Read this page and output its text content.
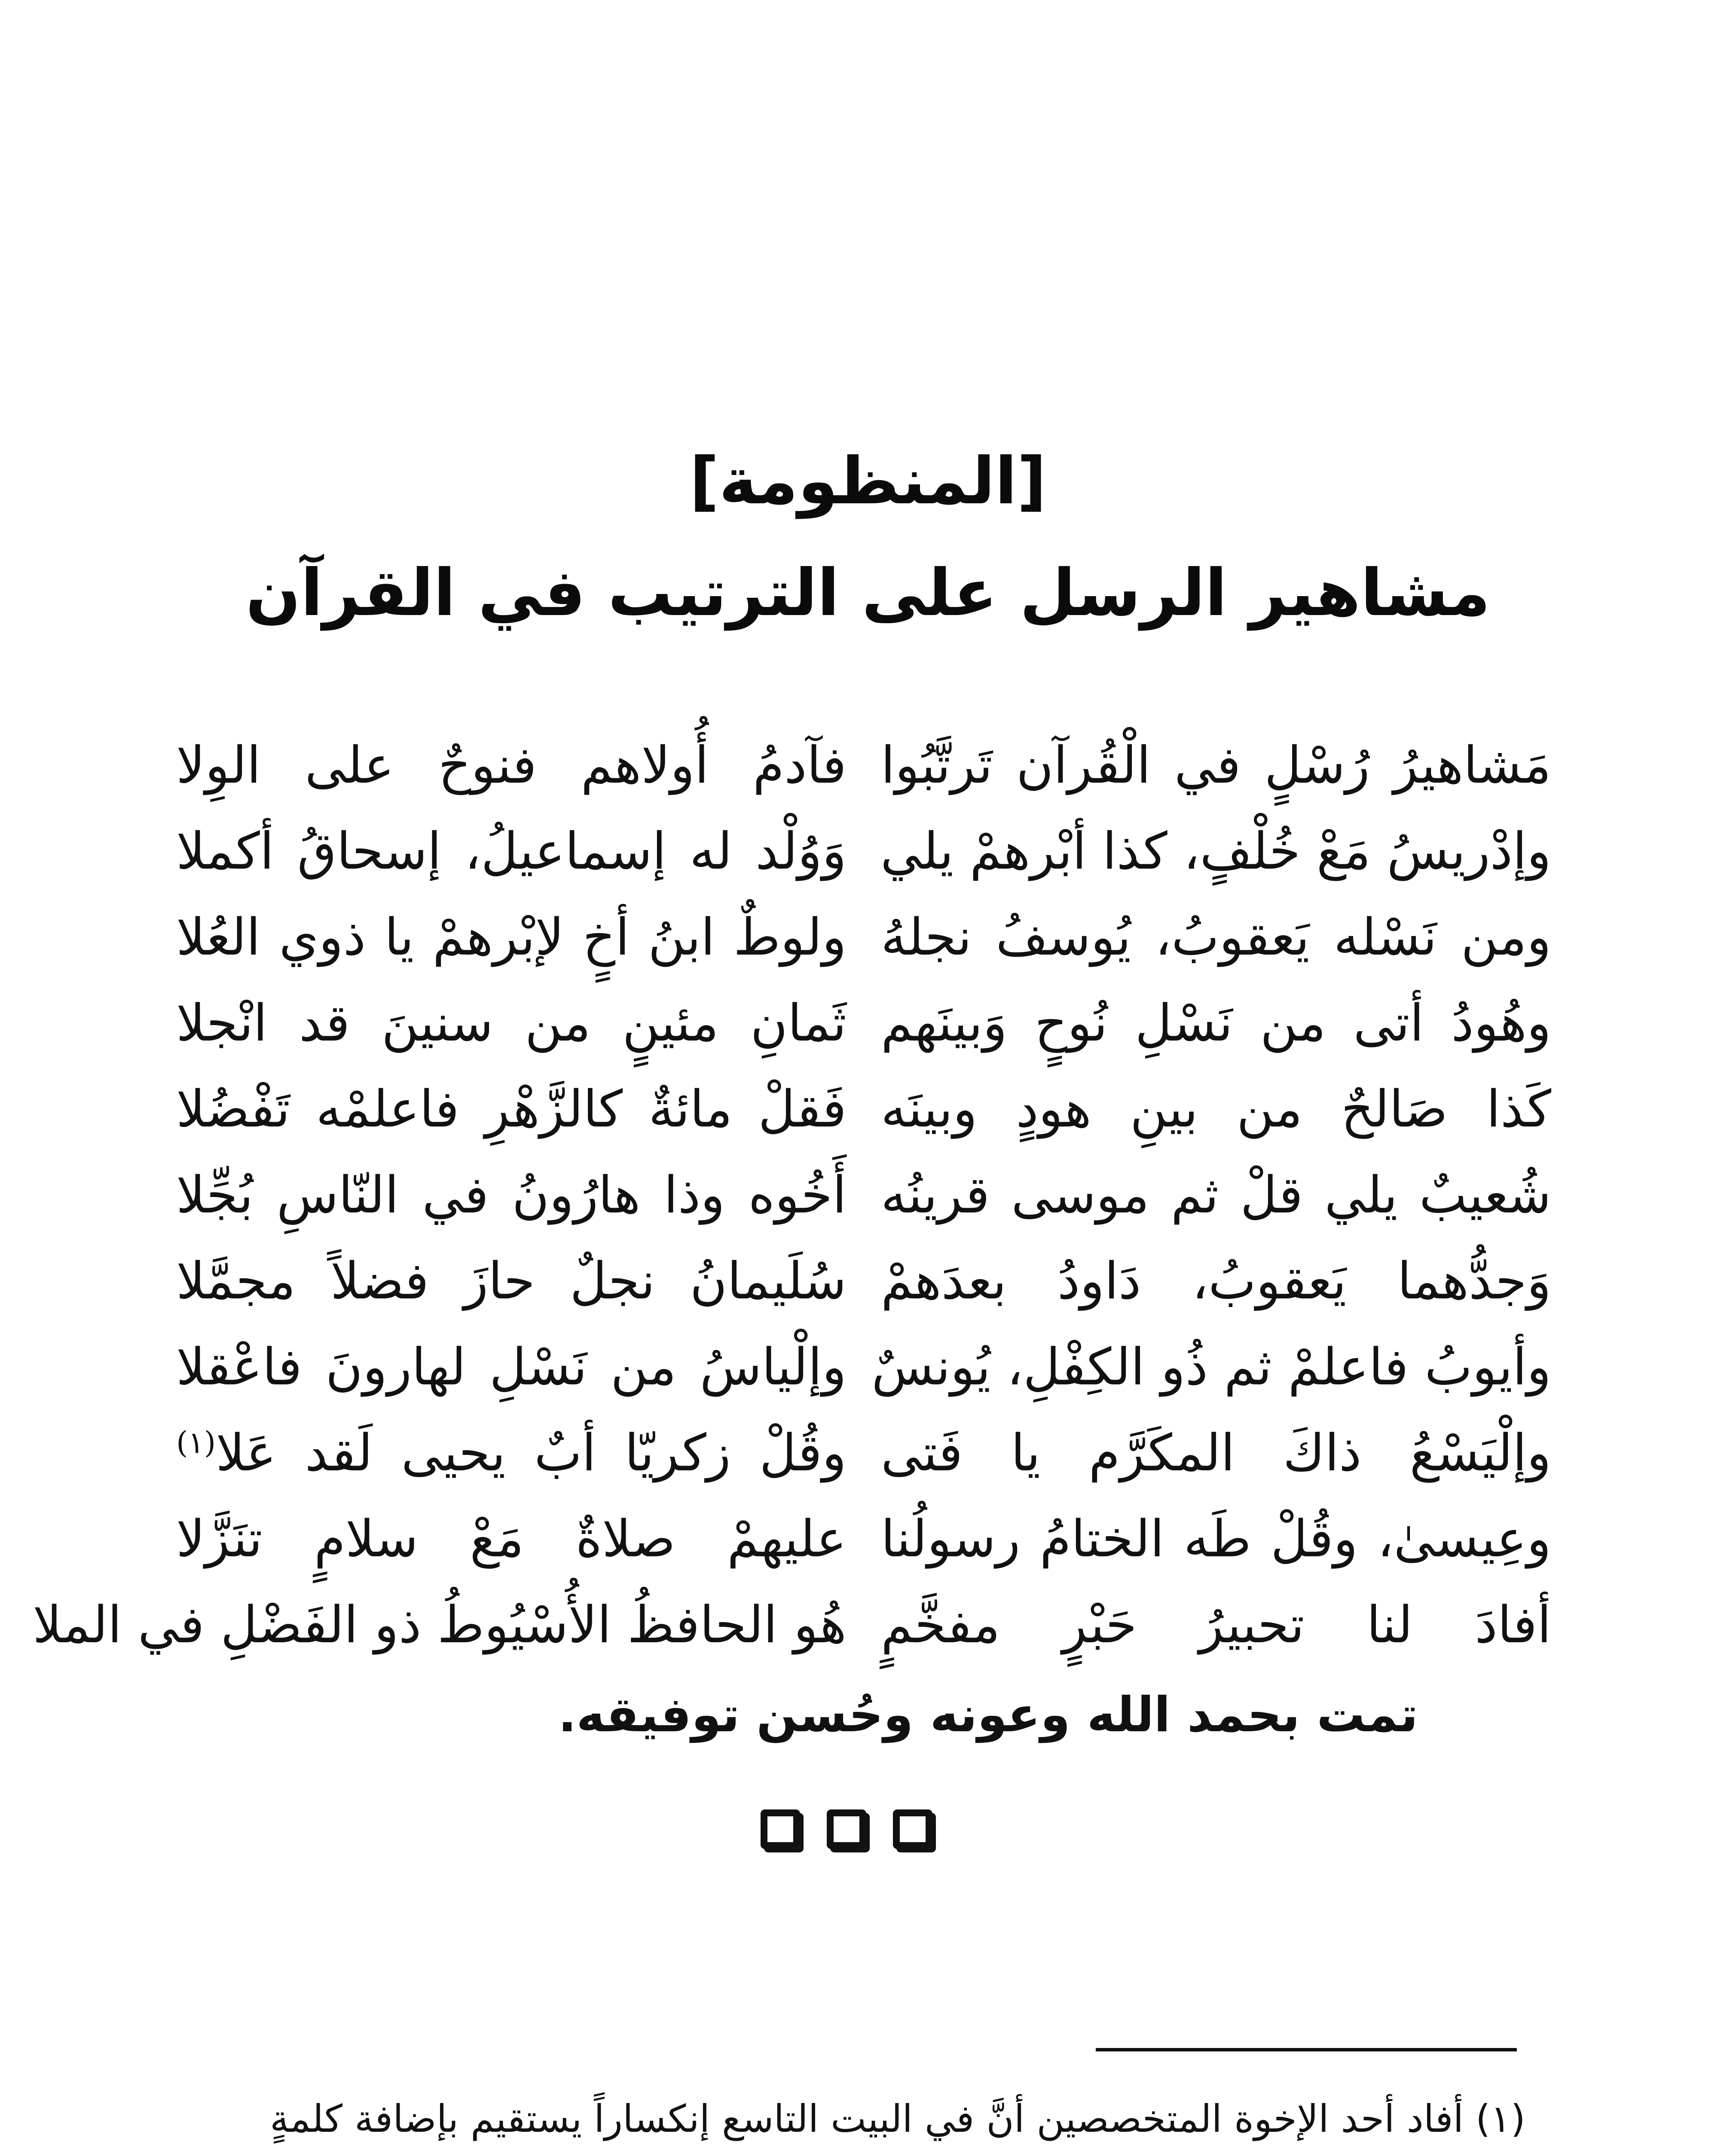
[المنظومة]
مشاهير الرسل على الترتيب في القرآن
مَشاهيرُ رُسْلٍ في الْقُرآن تَرتَّبُوا
فآدمُ أُولاهم فنوحٌ على الوِلا
وإدْريسُ مَعْ خُلْفٍ، كذا أبْرهمْ يلي
وَوُلْد له إسماعيلُ، إسحاقُ أكملا
ومن نَسْله يَعقوبُ، يُوسفُ نجلهُ
ولوطٌ ابنُ أخٍ لإبْرهمْ يا ذوي العُلا
وهُودُ أتى من نَسْلِ نُوحٍ وَبينَهم
ثَمانِ مئينٍ من سنينَ قد انْجلا
كَذا صَالحٌ من بينِ هودٍ وبينَه
فَقلْ مائةٌ كالزَّهْرِ فاعلمْه تَفْضُلا
شُعيبٌ يلي قلْ ثم موسى قرينُه
أَخُوه وذا هارُونُ في النّاسِ بُجِّلا
وَجدُّهما يَعقوبُ، دَاودُ بعدَهمْ
سُلَيمانُ نجلٌ حازَ فضلاً مجمَّلا
وأيوبُ فاعلمْ ثم ذُو الكِفْلِ، يُونسٌ
وإلْياسُ من نَسْلِ لهارونَ فاعْقلا
وإلْيَسْعُ ذاكَ المكَرَّم يا فَتى
وقُلْ زكريّا أبٌ يحيى لَقد عَلا$^{(١)}$
وعِيسىٰ، وقُلْ طَه الختامُ رسولُنا
عليهمْ صلاةٌ مَعْ سلامٍ تنَزَّلا
أفادَ لنا تحبيرُ حَبْرٍ مفخَّمٍ
هُو الحافظُ الأُسْيُوطُ ذو الفَضْلِ في الملا
تمت بحمد الله وعونه وحُسن توفيقه.
(١) أفاد أحد الإخوة المتخصصين أنَّ في البيت التاسع إنكساراً يستقيم بإضافة كلمةٍ
